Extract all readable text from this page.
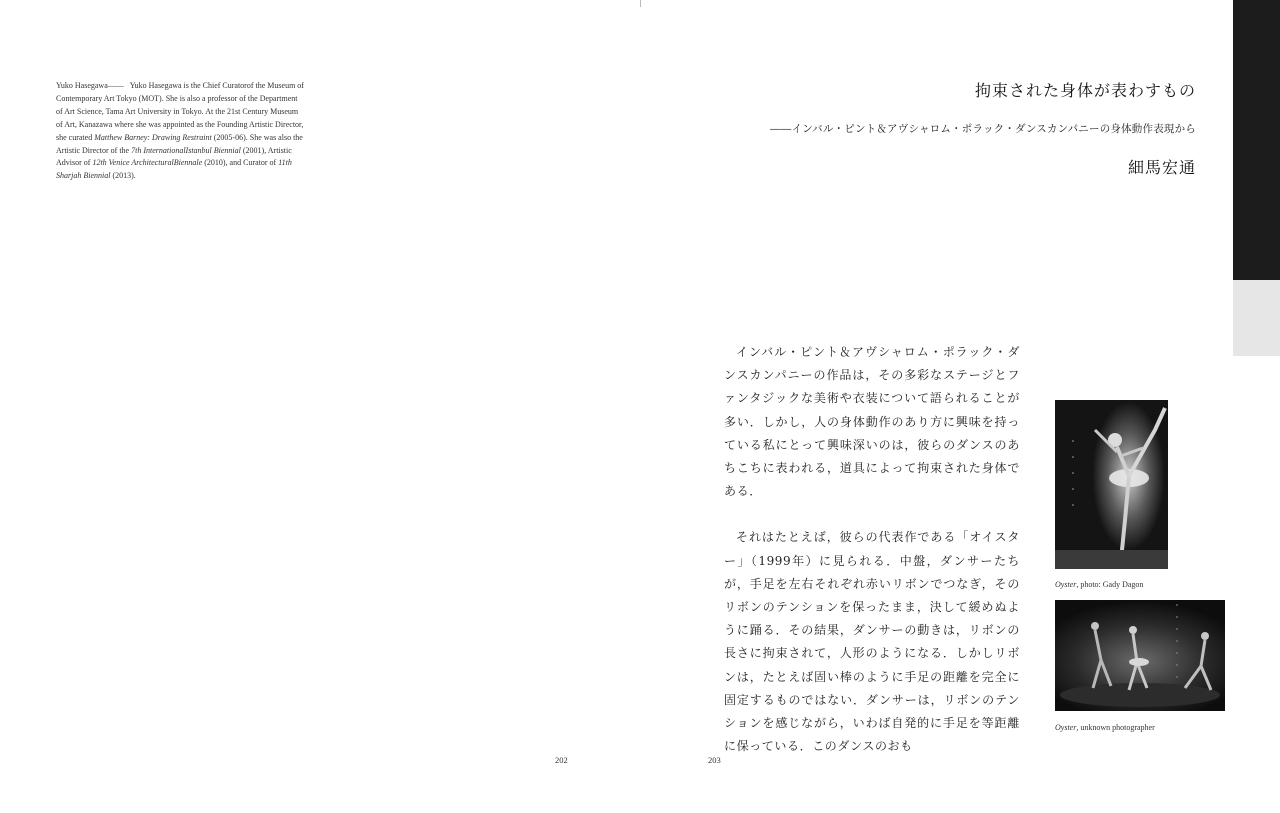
Yuko Hasegawa―― Yuko Hasegawa is the Chief Curatorof the Museum of Contemporary Art Tokyo (MOT). She is also a professor of the Department of Art Science, Tama Art University in Tokyo. At the 21st Century Museum of Art, Kanazawa where she was appointed as the Founding Artistic Director, she curated Matthew Barney: Drawing Restraint (2005-06). She was also the Artistic Director of the 7th InternationalIstanbul Biennial (2001), Artistic Advisor of 12th Venice ArchitecturalBiennale (2010), and Curator of 11th Sharjah Biennial (2013).
202
拘束された身体が表わすもの
――インバル・ピント＆アヴシャロム・ポラック・ダンスカンパニーの身体動作表現から
細馬宏通

インバル・ピント＆アヴシャロム・ポラック・ダンスカンパニーの作品は，その多彩なステージとファンタジックな美術や衣装について語られることが多い．しかし，人の身体動作のあり方に興味を持っている私にとって興味深いのは，彼らのダンスのあちこちに表われる，道具によって拘束された身体である．

それはたとえば，彼らの代表作である「オイスター」（1999年）に見られる．中盤，ダンサーたちが，手足を左右それぞれ赤いリボンでつなぎ，そのリボンのテンションを保ったまま，決して緩めぬように踊る．その結果，ダンサーの動きは，リボンの長さに拘束されて，人形のようになる．しかしリボンは，たとえば固い棒のように手足の距離を完全に固定するものではない．ダンサーは，リボンのテンションを感じながら，いわば自発的に手足を等距離に保っている．このダンスのおも

Oyster, photo: Gady Dagon
Oyster, unknown photographer
203
